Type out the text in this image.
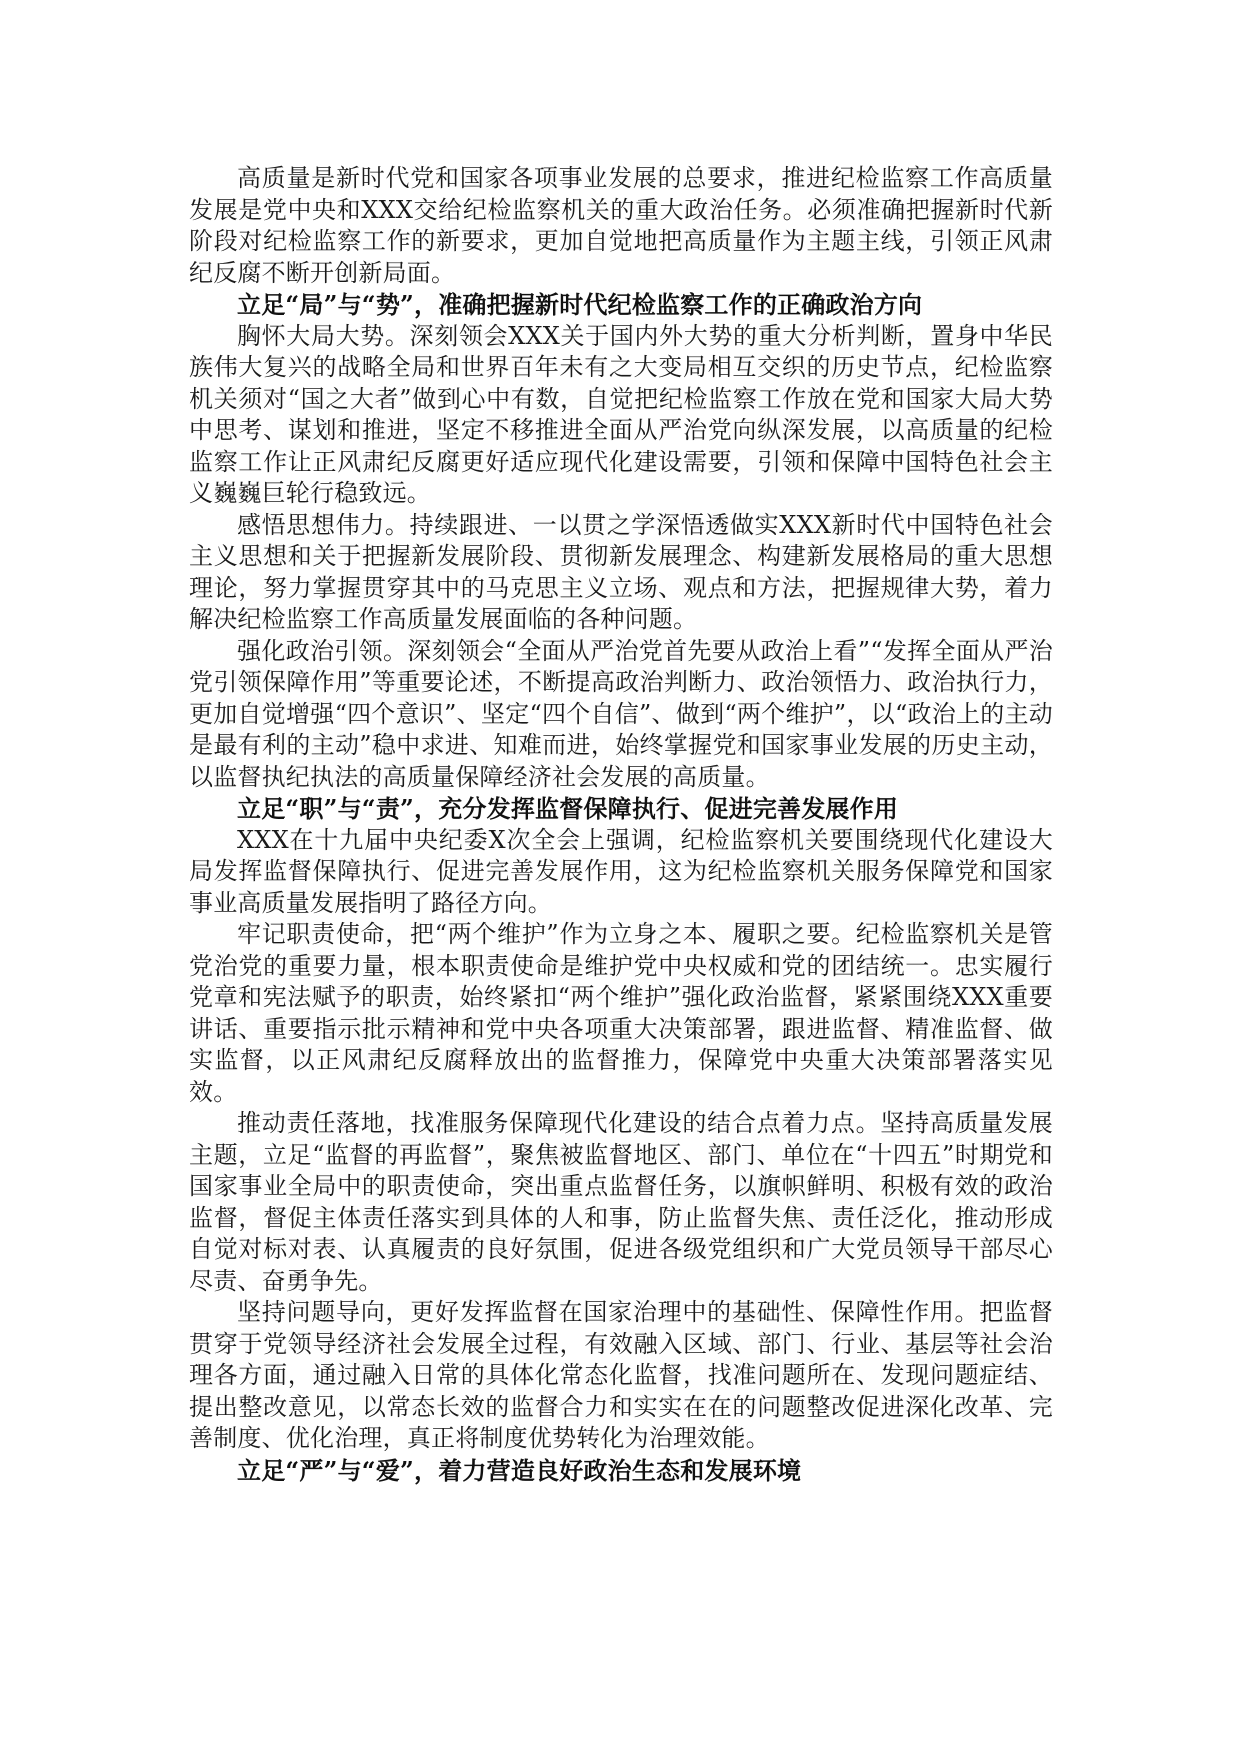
高质量是新时代党和国家各项事业发展的总要求，推进纪检监察工作高质量发展是党中央和XXX交给纪检监察机关的重大政治任务。必须准确把握新时代新阶段对纪检监察工作的新要求，更加自觉地把高质量作为主题主线，引领正风肃纪反腐不断开创新局面。

立足“局”与“势”，准确把握新时代纪检监察工作的正确政治方向

胸怀大局大势。深刻领会XXX关于国内外大势的重大分析判断，置身中华民族伟大复兴的战略全局和世界百年未有之大变局相互交织的历史节点，纪检监察机关须对“国之大者”做到心中有数，自觉把纪检监察工作放在党和国家大局大势中思考、谋划和推进，坚定不移推进全面从严治党向纵深发展，以高质量的纪检监察工作让正风肃纪反腐更好适应现代化建设需要，引领和保障中国特色社会主义巍巍巨轮行稳致远。

感悟思想伟力。持续跟进、一以贯之学深悟透做实XXX新时代中国特色社会主义思想和关于把握新发展阶段、贯彻新发展理念、构建新发展格局的重大思想理论，努力掌握贯穿其中的马克思主义立场、观点和方法，把握规律大势，着力解决纪检监察工作高质量发展面临的各种问题。

强化政治引领。深刻领会“全面从严治党首先要从政治上看”“发挥全面从严治党引领保障作用”等重要论述，不断提高政治判断力、政治领悟力、政治执行力，更加自觉增强“四个意识”、坚定“四个自信”、做到“两个维护”，以“政治上的主动是最有利的主动”稳中求进、知难而进，始终掌握党和国家事业发展的历史主动，以监督执纪执法的高质量保障经济社会发展的高质量。

立足“职”与“责”，充分发挥监督保障执行、促进完善发展作用

XXX在十九届中央纪委X次全会上强调，纪检监察机关要围绕现代化建设大局发挥监督保障执行、促进完善发展作用，这为纪检监察机关服务保障党和国家事业高质量发展指明了路径方向。

牢记职责使命，把“两个维护”作为立身之本、履职之要。纪检监察机关是管党治党的重要力量，根本职责使命是维护党中央权威和党的团结统一。忠实履行党章和宪法赋予的职责，始终紧扣“两个维护”强化政治监督，紧紧围绕XXX重要讲话、重要指示批示精神和党中央各项重大决策部署，跟进监督、精准监督、做实监督，以正风肃纪反腐释放出的监督推力，保障党中央重大决策部署落实见效。

推动责任落地，找准服务保障现代化建设的结合点着力点。坚持高质量发展主题，立足“监督的再监督”，聚焦被监督地区、部门、单位在“十四五”时期党和国家事业全局中的职责使命，突出重点监督任务，以旗帜鲜明、积极有效的政治监督，督促主体责任落实到具体的人和事，防止监督失焦、责任泛化，推动形成自觉对标对表、认真履责的良好氛围，促进各级党组织和广大党员领导干部尽心尽责、奋勇争先。

坚持问题导向，更好发挥监督在国家治理中的基础性、保障性作用。把监督贯穿于党领导经济社会发展全过程，有效融入区域、部门、行业、基层等社会治理各方面，通过融入日常的具体化常态化监督，找准问题所在、发现问题症结、提出整改意见，以常态长效的监督合力和实实在在的问题整改促进深化改革、完善制度、优化治理，真正将制度优势转化为治理效能。

立足“严”与“爱”，着力营造良好政治生态和发展环境
